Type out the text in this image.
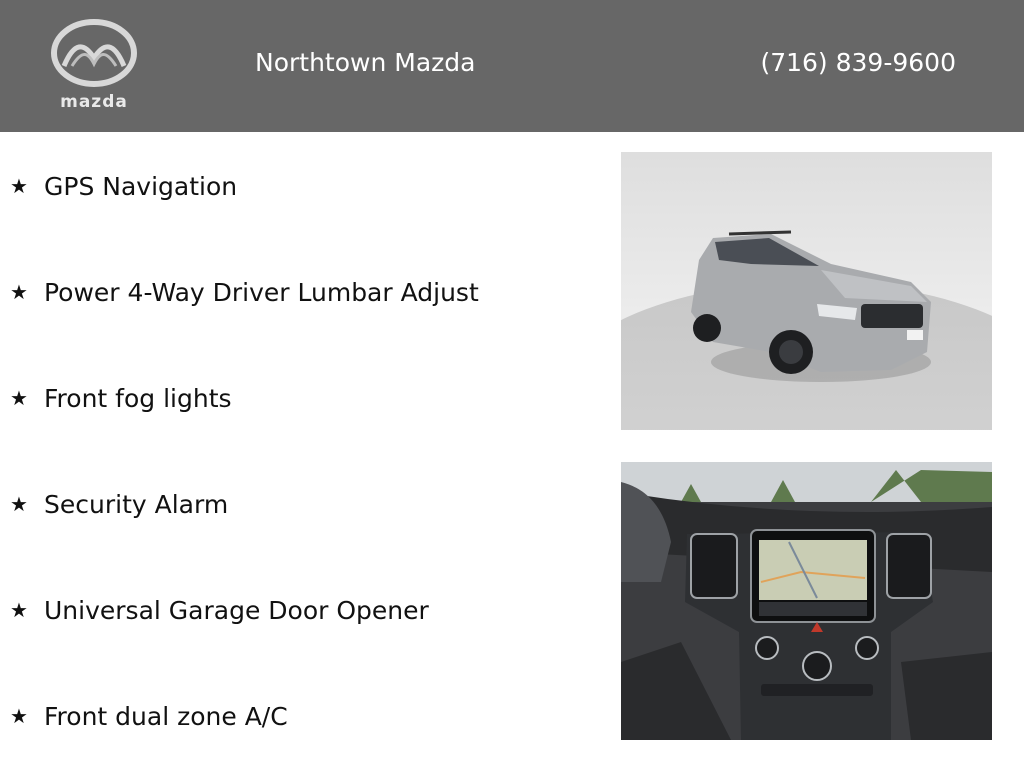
mazda
Northtown Mazda	(716) 839-9600
★ GPS Navigation
★ Power 4-Way Driver Lumbar Adjust
★ Front fog lights
★ Security Alarm
★ Universal Garage Door Opener
★ Front dual zone A/C
